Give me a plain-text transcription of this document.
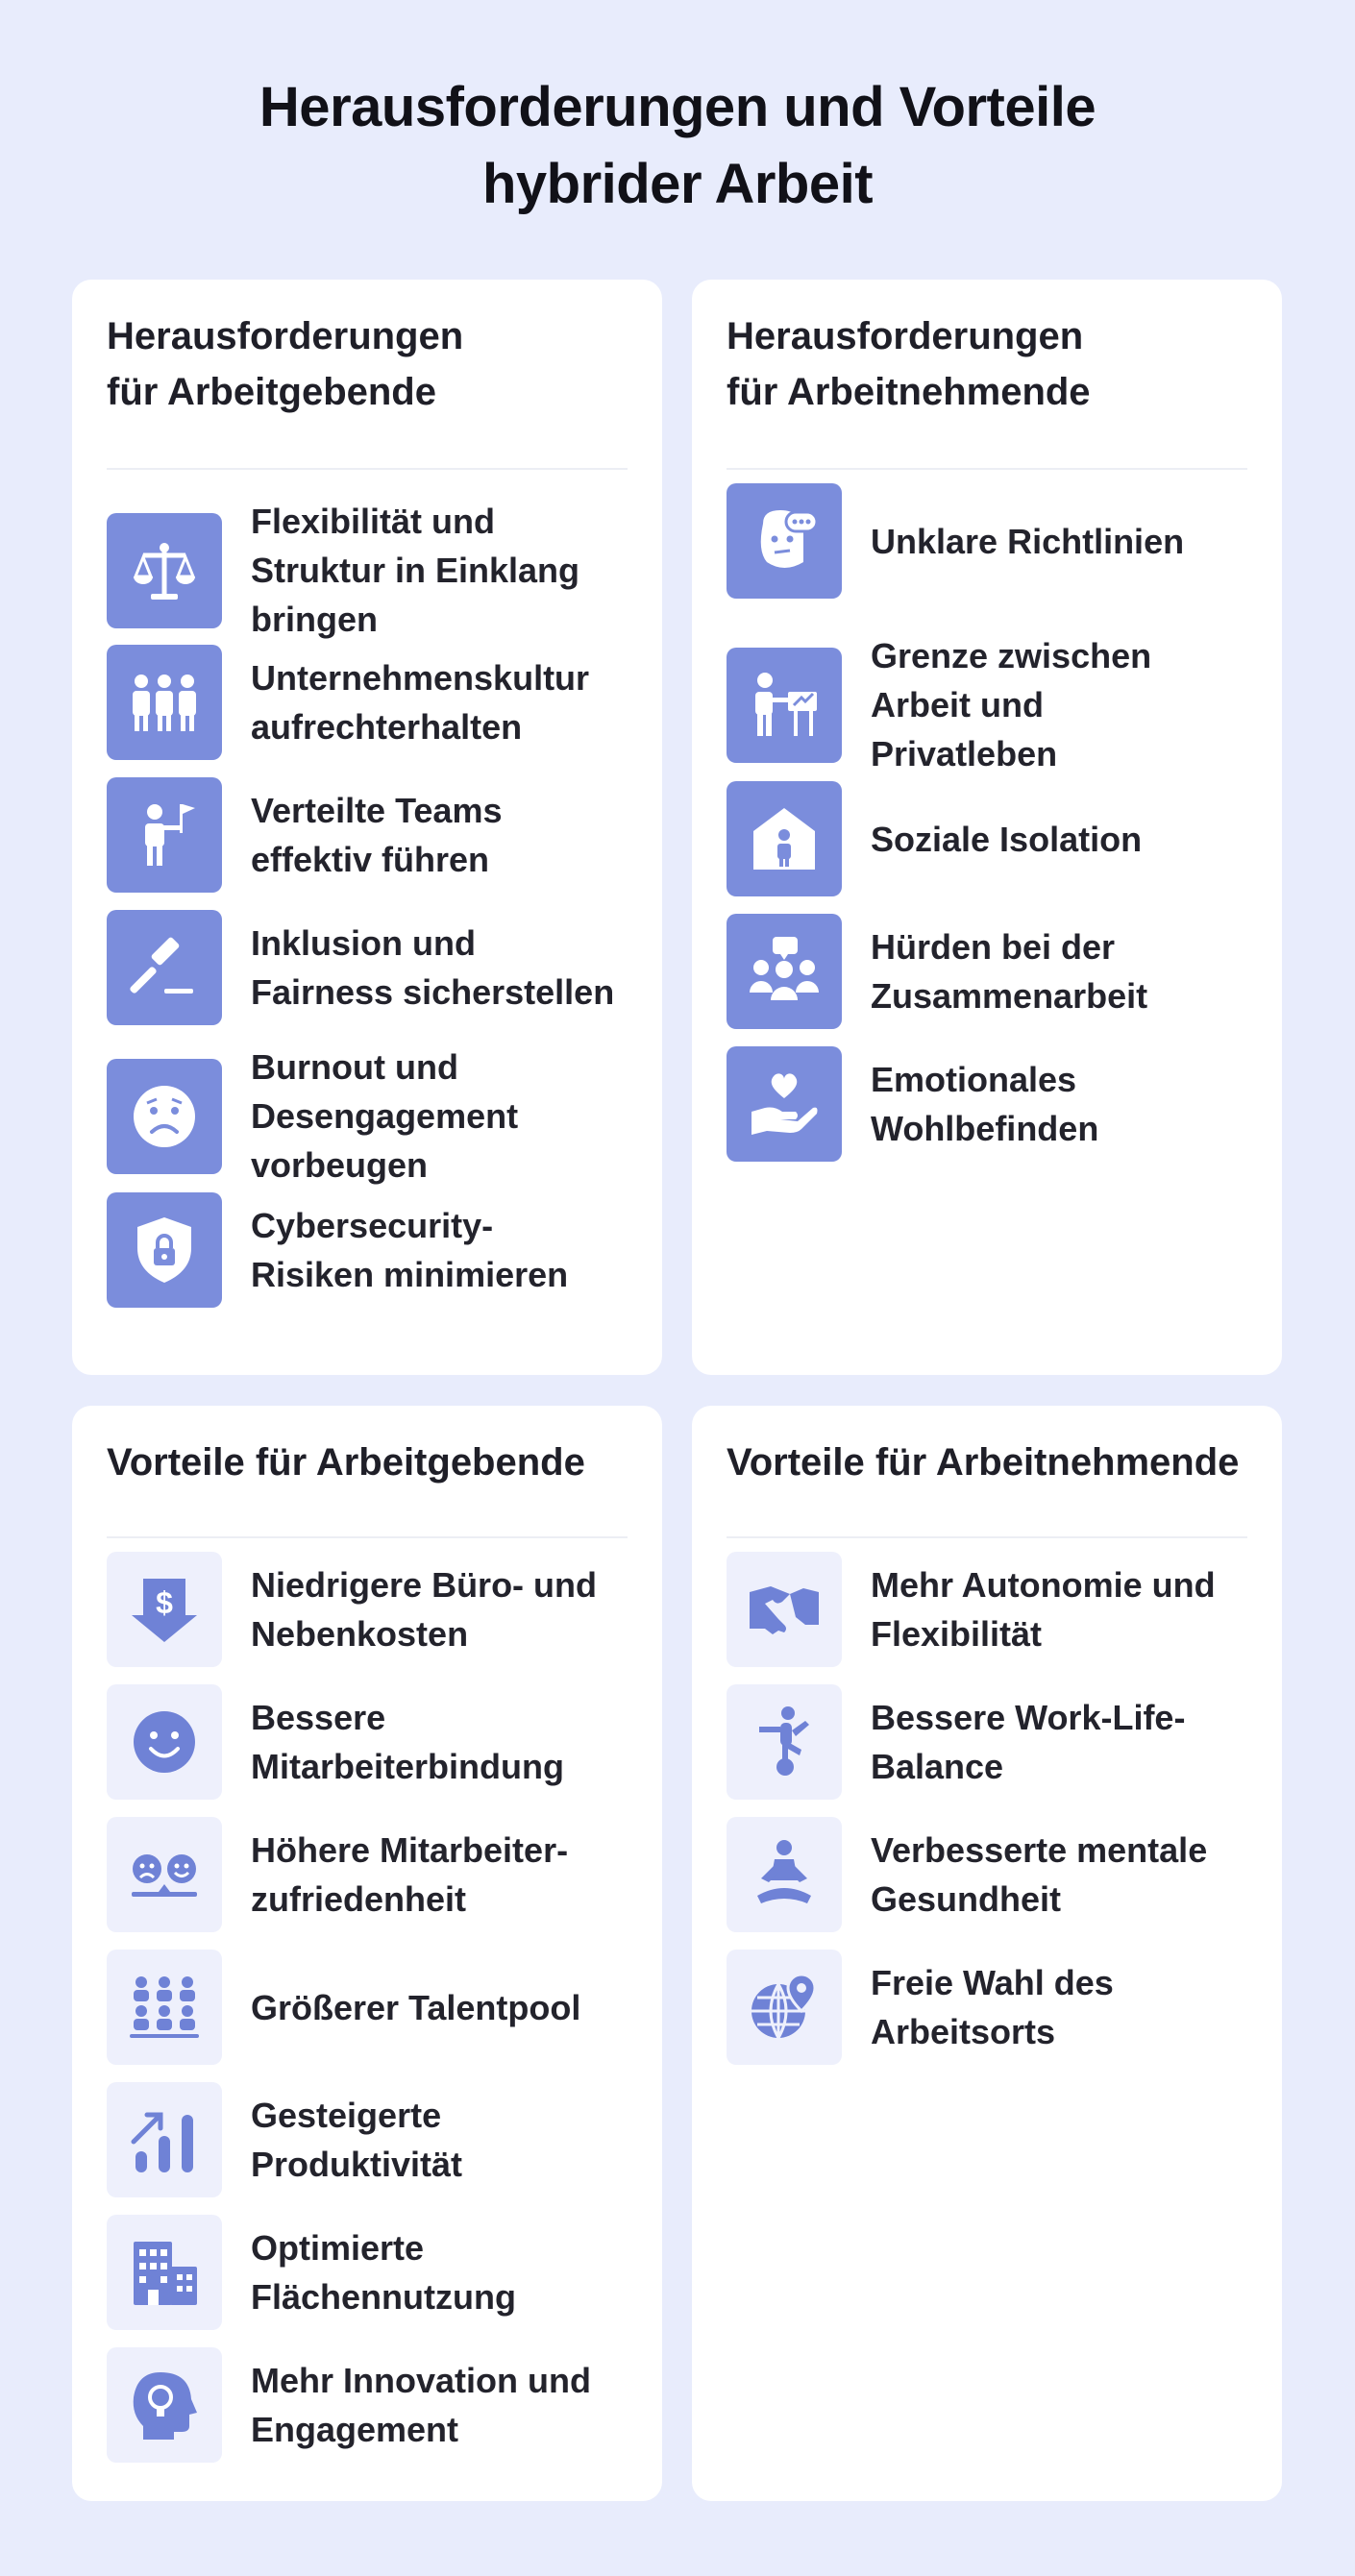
Herausforderungen und Vorteile
hybrider Arbeit
Herausforderungen
für Arbeitgebende
Flexibilität und
Struktur in Einklang
bringen
Unternehmenskultur
aufrechterhalten
Verteilte Teams
effektiv führen
Inklusion und
Fairness sicherstellen
Burnout und
Desengagement
vorbeugen
Cybersecurity-
Risiken minimieren
Herausforderungen
für Arbeitnehmende
Unklare Richtlinien
Grenze zwischen
Arbeit und
Privatleben
Soziale Isolation
Hürden bei der
Zusammenarbeit
Emotionales
Wohlbefinden
Vorteile für Arbeitgebende
$ Niedrigere Büro- und
Nebenkosten
Bessere
Mitarbeiterbindung
Höhere Mitarbeiter-
zufriedenheit
Größerer Talentpool
Gesteigerte
Produktivität
Optimierte
Flächennutzung
Mehr Innovation und
Engagement
Vorteile für Arbeitnehmende
Mehr Autonomie und
Flexibilität
Bessere Work-Life-
Balance
Verbesserte mentale
Gesundheit
Freie Wahl des
Arbeitsorts
